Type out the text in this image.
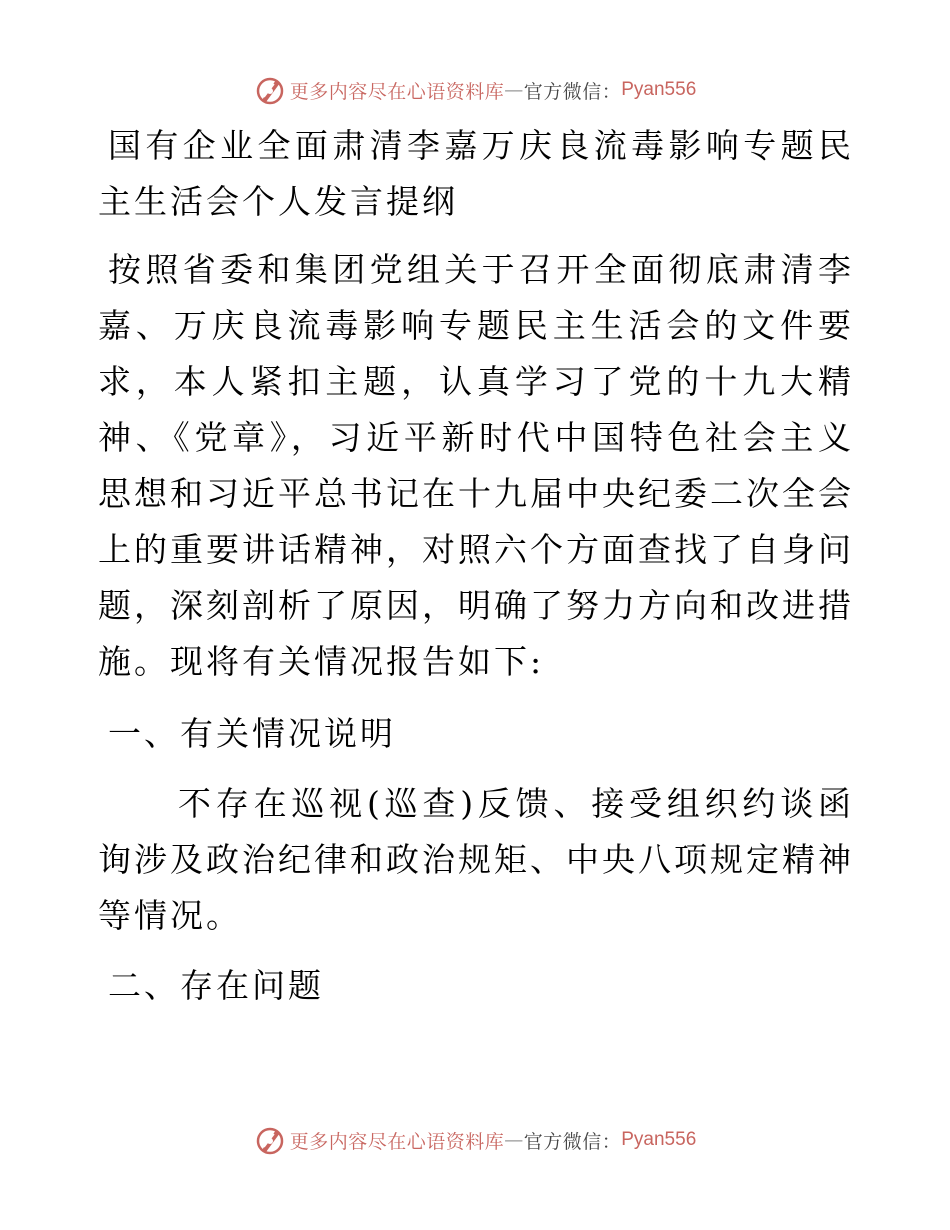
更多内容尽在心语资料库 — 官方微信： Pyan556

国有企业全面肃清李嘉万庆良流毒影响专题民主生活会个人发言提纲

按照省委和集团党组关于召开全面彻底肃清李嘉、万庆良流毒影响专题民主生活会的文件要求，本人紧扣主题，认真学习了党的十九大精神、《党章》，习近平新时代中国特色社会主义思想和习近平总书记在十九届中央纪委二次全会上的重要讲话精神，对照六个方面查找了自身问题，深刻剖析了原因，明确了努力方向和改进措施。现将有关情况报告如下:

一、有关情况说明

不存在巡视(巡查)反馈、接受组织约谈函询涉及政治纪律和政治规矩、中央八项规定精神等情况。

二、存在问题

更多内容尽在心语资料库 — 官方微信： Pyan556
